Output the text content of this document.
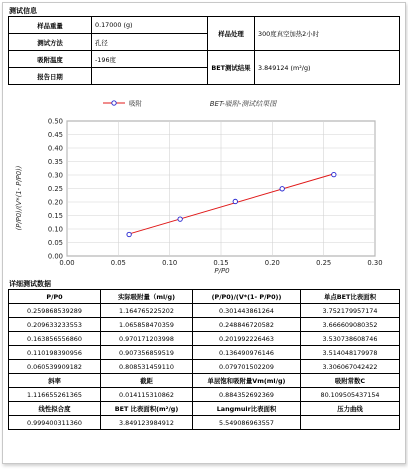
测试信息
样品重量	0.17000 (g)	样品处理	300度真空加热2小时
测试方法	孔径		
吸附温度	-196度	BET测试结果	3.849124 (m²/g)
报告日期			
吸附	BET-吸附-测试结果图
0.00	0.05	0.10	0.15	0.20	0.25	0.30
0.00
0.05
0.10
0.15
0.20
0.25
0.30
0.35
0.40
0.45
0.50
P/P0
(P/P0)/(V*(1- P/P0))
详细测试数据
P/P0	实际吸附量（ml/g)	(P/P0)/(V*(1- P/P0))	单点BET比表面积
0.259868539289	1.164765225202	0.301443861264	3.752179957174
0.209633233553	1.065858470359	0.248846720582	3.666609080352
0.163856556860	0.970171203998	0.201992226463	3.530738608746
0.110198390956	0.907356859519	0.136490976146	3.514048179978
0.060539909182	0.808531459110	0.079701502209	3.306067042422
斜率	截距	单层饱和吸附量Vm(ml/g)	吸附常数C
1.116655261365	0.014115310862	0.884352692369	80.109505437154
线性拟合度	BET 比表面积(m²/g)	Langmuir比表面积	压力曲线
0.999400311360	3.849123984912	5.549086963557	
